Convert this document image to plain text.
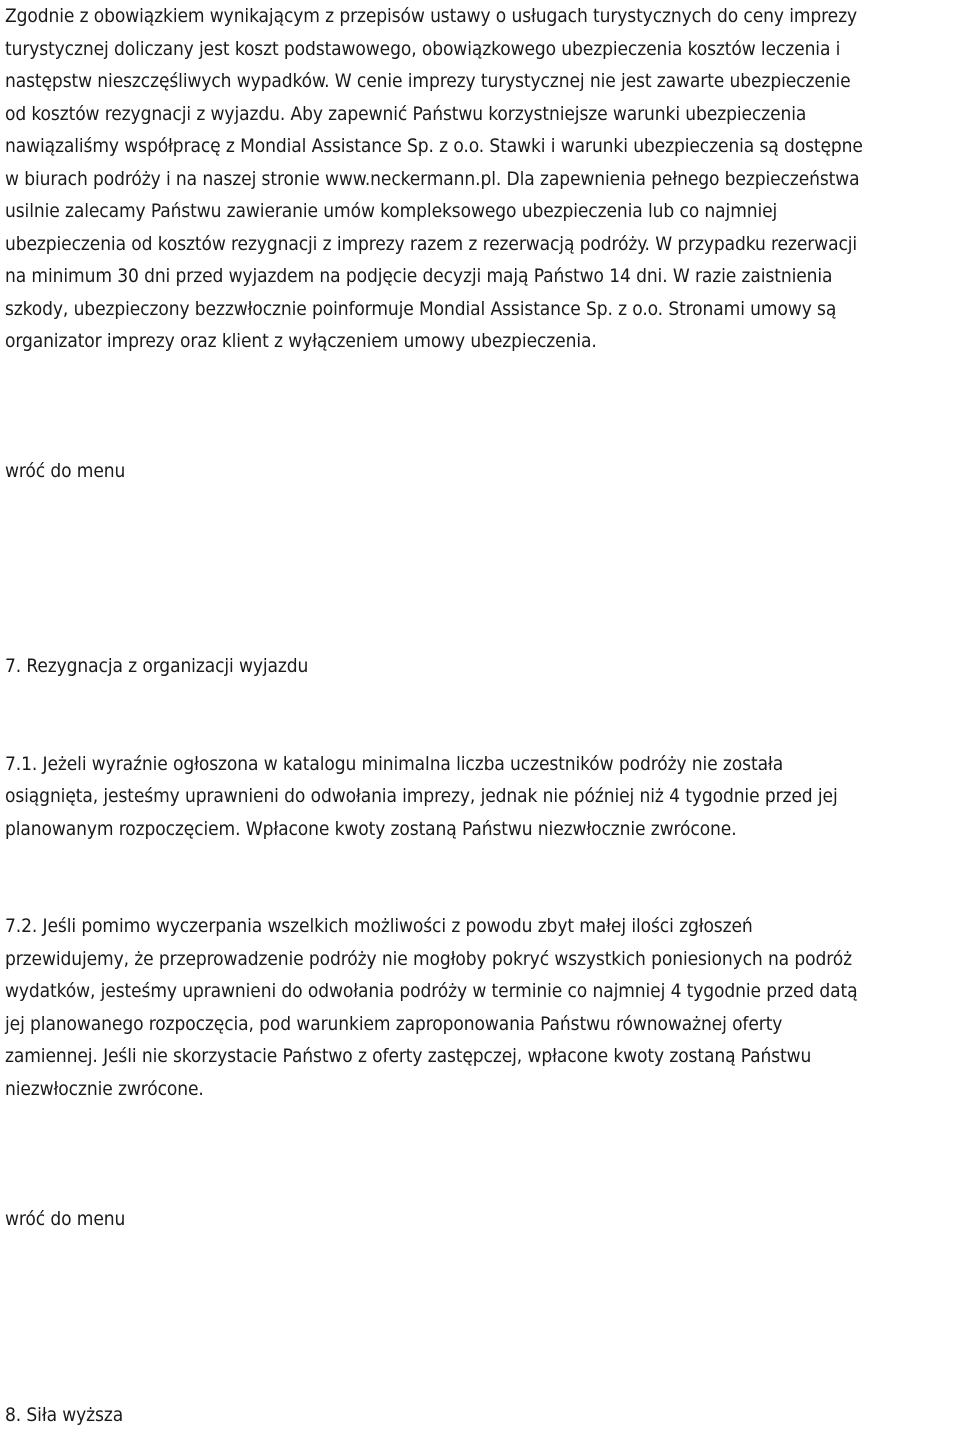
Zgodnie z obowiązkiem wynikającym z przepisów ustawy o usługach turystycznych do ceny imprezy
turystycznej doliczany jest koszt podstawowego, obowiązkowego ubezpieczenia kosztów leczenia i
następstw nieszczęśliwych wypadków. W cenie imprezy turystycznej nie jest zawarte ubezpieczenie
od kosztów rezygnacji z wyjazdu. Aby zapewnić Państwu korzystniejsze warunki ubezpieczenia
nawiązaliśmy współpracę z Mondial Assistance Sp. z o.o. Stawki i warunki ubezpieczenia są dostępne
w biurach podróży i na naszej stronie www.neckermann.pl. Dla zapewnienia pełnego bezpieczeństwa
usilnie zalecamy Państwu zawieranie umów kompleksowego ubezpieczenia lub co najmniej
ubezpieczenia od kosztów rezygnacji z imprezy razem z rezerwacją podróży. W przypadku rezerwacji
na minimum 30 dni przed wyjazdem na podjęcie decyzji mają Państwo 14 dni. W razie zaistnienia
szkody, ubezpieczony bezzwłocznie poinformuje Mondial Assistance Sp. z o.o. Stronami umowy są
organizator imprezy oraz klient z wyłączeniem umowy ubezpieczenia.

wróć do menu
7. Rezygnacja z organizacji wyjazdu

7.1. Jeżeli wyraźnie ogłoszona w katalogu minimalna liczba uczestników podróży nie została
osiągnięta, jesteśmy uprawnieni do odwołania imprezy, jednak nie później niż 4 tygodnie przed jej
planowanym rozpoczęciem. Wpłacone kwoty zostaną Państwu niezwłocznie zwrócone.

7.2. Jeśli pomimo wyczerpania wszelkich możliwości z powodu zbyt małej ilości zgłoszeń
przewidujemy, że przeprowadzenie podróży nie mogłoby pokryć wszystkich poniesionych na podróż
wydatków, jesteśmy uprawnieni do odwołania podróży w terminie co najmniej 4 tygodnie przed datą
jej planowanego rozpoczęcia, pod warunkiem zaproponowania Państwu równoważnej oferty
zamiennej. Jeśli nie skorzystacie Państwo z oferty zastępczej, wpłacone kwoty zostaną Państwu
niezwłocznie zwrócone.

wróć do menu
8. Siła wyższa
